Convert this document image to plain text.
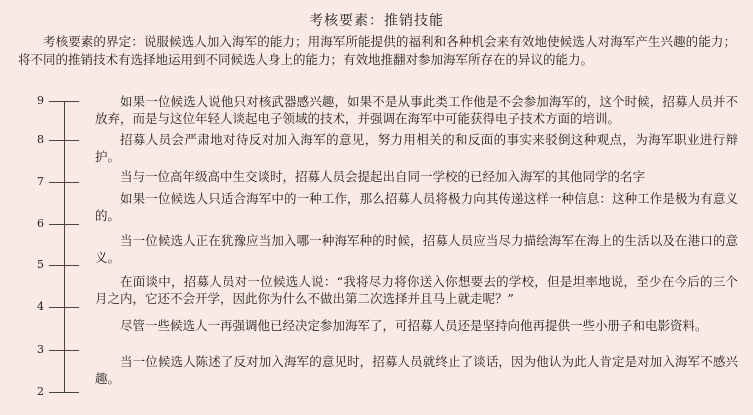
考核要素：推销技能
考核要素的界定：说服候选人加入海军的能力；用海军所能提供的福利和各种机会来有效地使候选人对海军产生兴趣的能力；将不同的推销技术有选择地运用到不同候选人身上的能力；有效地推翻对参加海军所存在的异议的能力。
9
8
7
6
5
4
3
2
如果一位候选人说他只对核武器感兴趣，如果不是从事此类工作他是不会参加海军的，这个时候，招募人员并不放弃，而是与这位年轻人谈起电子领域的技术，并强调在海军中可能获得电子技术方面的培训。
招募人员会严肃地对待反对加入海军的意见，努力用相关的和反面的事实来驳倒这种观点，为海军职业进行辩护。
当与一位高年级高中生交谈时，招募人员会提起出自同一学校的已经加入海军的其他同学的名字
如果一位候选人只适合海军中的一种工作，那么招募人员将极力向其传递这样一种信息：这种工作是极为有意义的。
当一位候选人正在犹豫应当加入哪一种海军种的时候，招募人员应当尽力描绘海军在海上的生活以及在港口的意义。
在面谈中，招募人员对一位候选人说：“我将尽力将你送入你想要去的学校，但是坦率地说，至少在今后的三个月之内，它还不会开学，因此你为什么不做出第二次选择并且马上就走呢？”
尽管一些候选人一再强调他已经决定参加海军了，可招募人员还是坚持向他再提供一些小册子和电影资料。
当一位候选人陈述了反对加入海军的意见时，招募人员就终止了谈话，因为他认为此人肯定是对加入海军不感兴趣。
